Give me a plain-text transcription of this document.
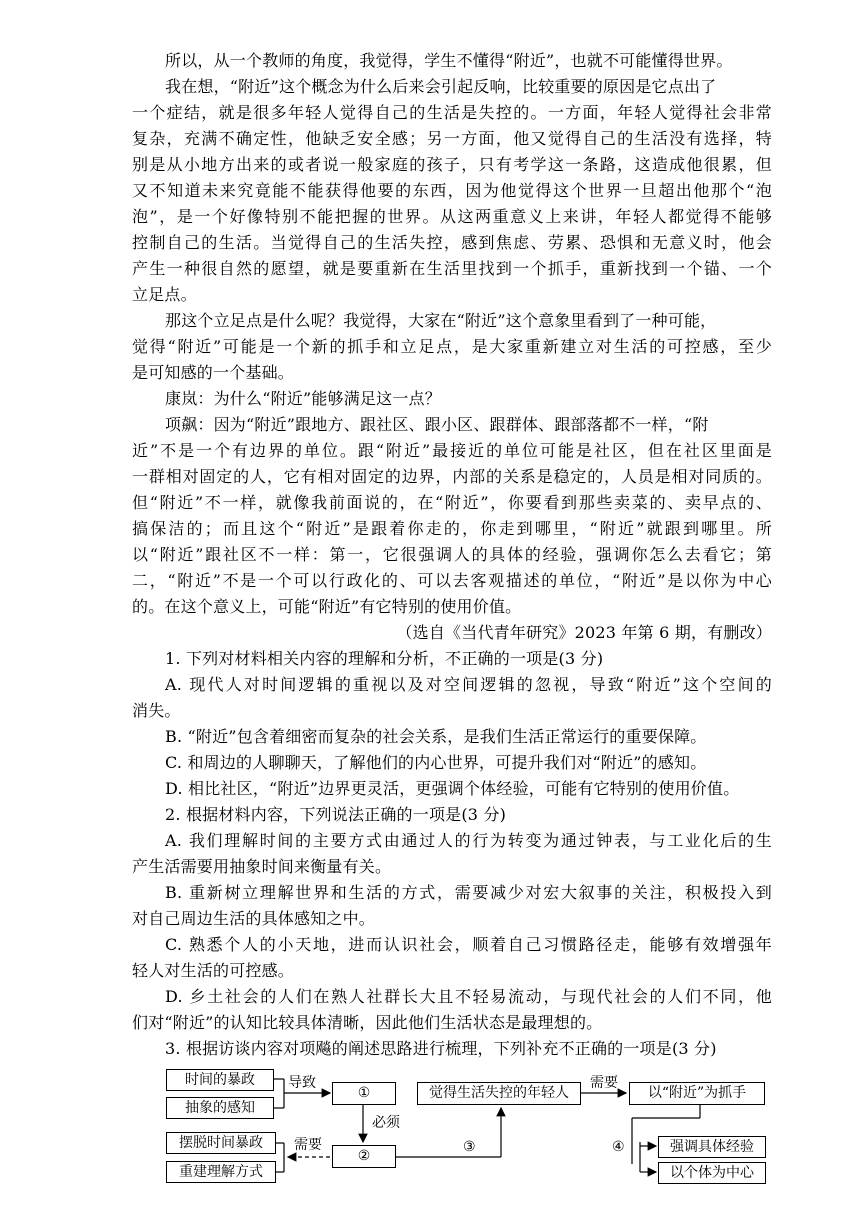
所以，从一个教师的角度，我觉得，学生不懂得“附近”，也就不可能懂得世界。
我在想，“附近”这个概念为什么后来会引起反响，比较重要的原因是它点出了
一个症结，就是很多年轻人觉得自己的生活是失控的。一方面，年轻人觉得社会非常
复杂，充满不确定性，他缺乏安全感；另一方面，他又觉得自己的生活没有选择，特
别是从小地方出来的或者说一般家庭的孩子，只有考学这一条路，这造成他很累，但
又不知道未来究竟能不能获得他要的东西，因为他觉得这个世界一旦超出他那个“泡
泡”，是一个好像特别不能把握的世界。从这两重意义上来讲，年轻人都觉得不能够
控制自己的生活。当觉得自己的生活失控，感到焦虑、劳累、恐惧和无意义时，他会
产生一种很自然的愿望，就是要重新在生活里找到一个抓手，重新找到一个锚、一个
立足点。
那这个立足点是什么呢？我觉得，大家在“附近”这个意象里看到了一种可能，
觉得“附近”可能是一个新的抓手和立足点，是大家重新建立对生活的可控感，至少
是可知感的一个基础。
康岚：为什么“附近”能够满足这一点？
项飙：因为“附近”跟地方、跟社区、跟小区、跟群体、跟部落都不一样，“附
近”不是一个有边界的单位。跟“附近”最接近的单位可能是社区，但在社区里面是
一群相对固定的人，它有相对固定的边界，内部的关系是稳定的，人员是相对同质的。
但“附近”不一样，就像我前面说的，在“附近”，你要看到那些卖菜的、卖早点的、
搞保洁的；而且这个“附近”是跟着你走的，你走到哪里，“附近”就跟到哪里。所
以“附近”跟社区不一样：第一，它很强调人的具体的经验，强调你怎么去看它；第
二，“附近”不是一个可以行政化的、可以去客观描述的单位，“附近”是以你为中心
的。在这个意义上，可能“附近”有它特别的使用价值。
（选自《当代青年研究》2023 年第 6 期，有删改）
1. 下列对材料相关内容的理解和分析，不正确的一项是(3 分)
A. 现代人对时间逻辑的重视以及对空间逻辑的忽视，导致“附近”这个空间的
消失。
B. “附近”包含着细密而复杂的社会关系，是我们生活正常运行的重要保障。
C. 和周边的人聊聊天，了解他们的内心世界，可提升我们对“附近”的感知。
D. 相比社区，“附近”边界更灵活，更强调个体经验，可能有它特别的使用价值。
2. 根据材料内容，下列说法正确的一项是(3 分)
A. 我们理解时间的主要方式由通过人的行为转变为通过钟表，与工业化后的生
产生活需要用抽象时间来衡量有关。
B. 重新树立理解世界和生活的方式，需要减少对宏大叙事的关注，积极投入到
对自己周边生活的具体感知之中。
C. 熟悉个人的小天地，进而认识社会，顺着自己习惯路径走，能够有效增强年
轻人对生活的可控感。
D. 乡土社会的人们在熟人社群长大且不轻易流动，与现代社会的人们不同，他
们对“附近”的认知比较具体清晰，因此他们生活状态是最理想的。
3. 根据访谈内容对项飚的阐述思路进行梳理，下列补充不正确的一项是(3 分)
时间的暴政
抽象的感知
导致
①
必须
②
需要
摆脱时间暴政
重建理解方式
③
觉得生活失控的年轻人
需要
以“附近”为抓手
④	强调具体经验
以个体为中心
